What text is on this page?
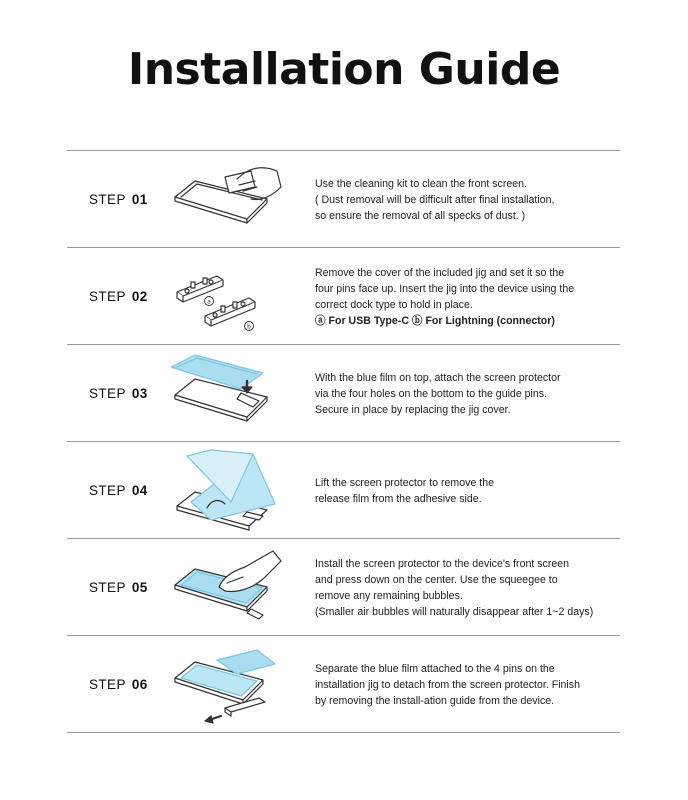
Installation Guide
STEP 01
Use the cleaning kit to clean the front screen.
( Dust removal will be difficult after final installation,
so ensure the removal of all specks of dust. )
STEP 02	a
b
Remove the cover of the included jig and set it so the
four pins face up. Insert the jig into the device using the
correct dock type to hold in place.
ⓐ For USB Type-C ⓑ For Lightning (connector)
STEP 03
With the blue film on top, attach the screen protector
via the four holes on the bottom to the guide pins.
Secure in place by replacing the jig cover.
STEP 04
Lift the screen protector to remove the
release film from the adhesive side.
STEP 05
Install the screen protector to the device's front screen
and press down on the center. Use the squeegee to
remove any remaining bubbles.
(Smaller air bubbles will naturally disappear after 1~2 days)
STEP 06
Separate the blue film attached to the 4 pins on the
installation jig to detach from the screen protector. Finish
by removing the install-ation guide from the device.
